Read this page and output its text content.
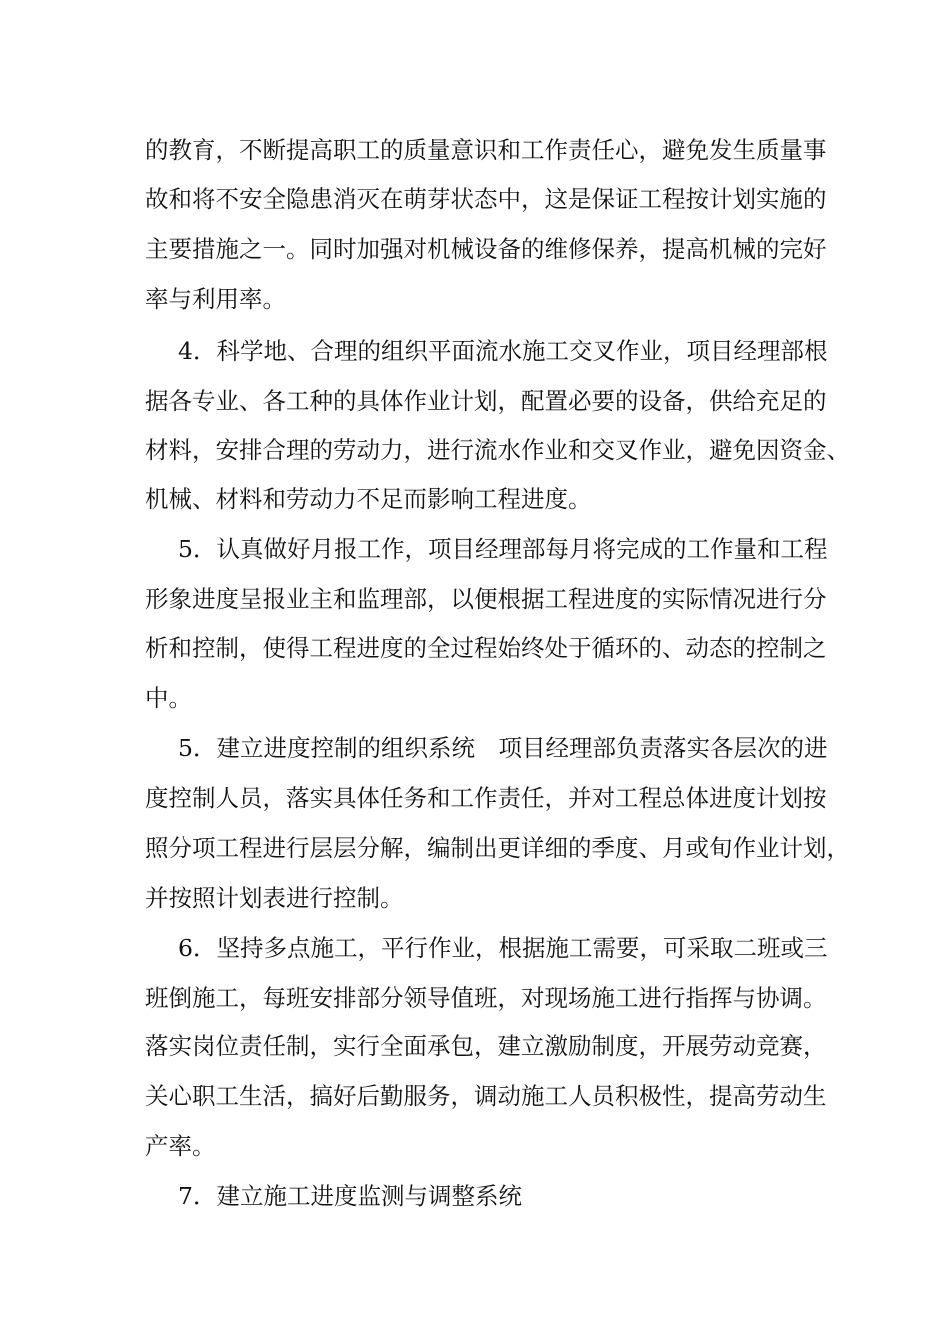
的教育，不断提高职工的质量意识和工作责任心，避免发生质量事
故和将不安全隐患消灭在萌芽状态中，这是保证工程按计划实施的
主要措施之一。同时加强对机械设备的维修保养，提高机械的完好
率与利用率。
4．科学地、合理的组织平面流水施工交叉作业，项目经理部根
据各专业、各工种的具体作业计划，配置必要的设备，供给充足的
材料，安排合理的劳动力，进行流水作业和交叉作业，避免因资金、
机械、材料和劳动力不足而影响工程进度。
5．认真做好月报工作，项目经理部每月将完成的工作量和工程
形象进度呈报业主和监理部，以便根据工程进度的实际情况进行分
析和控制，使得工程进度的全过程始终处于循环的、动态的控制之
中。
5．建立进度控制的组织系统　项目经理部负责落实各层次的进
度控制人员，落实具体任务和工作责任，并对工程总体进度计划按
照分项工程进行层层分解，编制出更详细的季度、月或旬作业计划，
并按照计划表进行控制。
6．坚持多点施工，平行作业，根据施工需要，可采取二班或三
班倒施工，每班安排部分领导值班，对现场施工进行指挥与协调。
落实岗位责任制，实行全面承包，建立激励制度，开展劳动竞赛，
关心职工生活，搞好后勤服务，调动施工人员积极性，提高劳动生
产率。
7．建立施工进度监测与调整系统
